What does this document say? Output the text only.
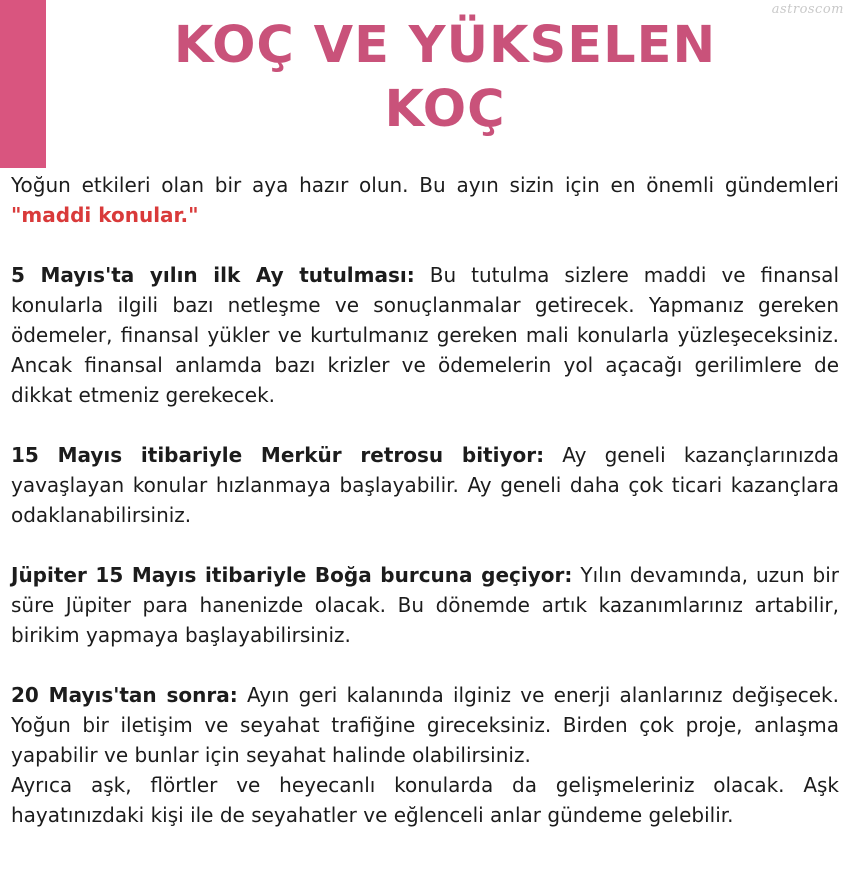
astroscom
KOÇ VE YÜKSELEN
KOÇ

Yoğun etkileri olan bir aya hazır olun. Bu ayın sizin için en önemli gündemleri "maddi konular."

5 Mayıs'ta yılın ilk Ay tutulması: Bu tutulma sizlere maddi ve finansal konularla ilgili bazı netleşme ve sonuçlanmalar getirecek. Yapmanız gereken ödemeler, finansal yükler ve kurtulmanız gereken mali konularla yüzleşeceksiniz. Ancak finansal anlamda bazı krizler ve ödemelerin yol açacağı gerilimlere de dikkat etmeniz gerekecek.

15 Mayıs itibariyle Merkür retrosu bitiyor: Ay geneli kazançlarınızda yavaşlayan konular hızlanmaya başlayabilir. Ay geneli daha çok ticari kazançlara odaklanabilirsiniz.

Jüpiter 15 Mayıs itibariyle Boğa burcuna geçiyor: Yılın devamında, uzun bir süre Jüpiter para hanenizde olacak. Bu dönemde artık kazanımlarınız artabilir, birikim yapmaya başlayabilirsiniz.

20 Mayıs'tan sonra: Ayın geri kalanında ilginiz ve enerji alanlarınız değişecek. Yoğun bir iletişim ve seyahat trafiğine gireceksiniz. Birden çok proje, anlaşma yapabilir ve bunlar için seyahat halinde olabilirsiniz.

Ayrıca aşk, flörtler ve heyecanlı konularda da gelişmeleriniz olacak. Aşk hayatınızdaki kişi ile de seyahatler ve eğlenceli anlar gündeme gelebilir.
